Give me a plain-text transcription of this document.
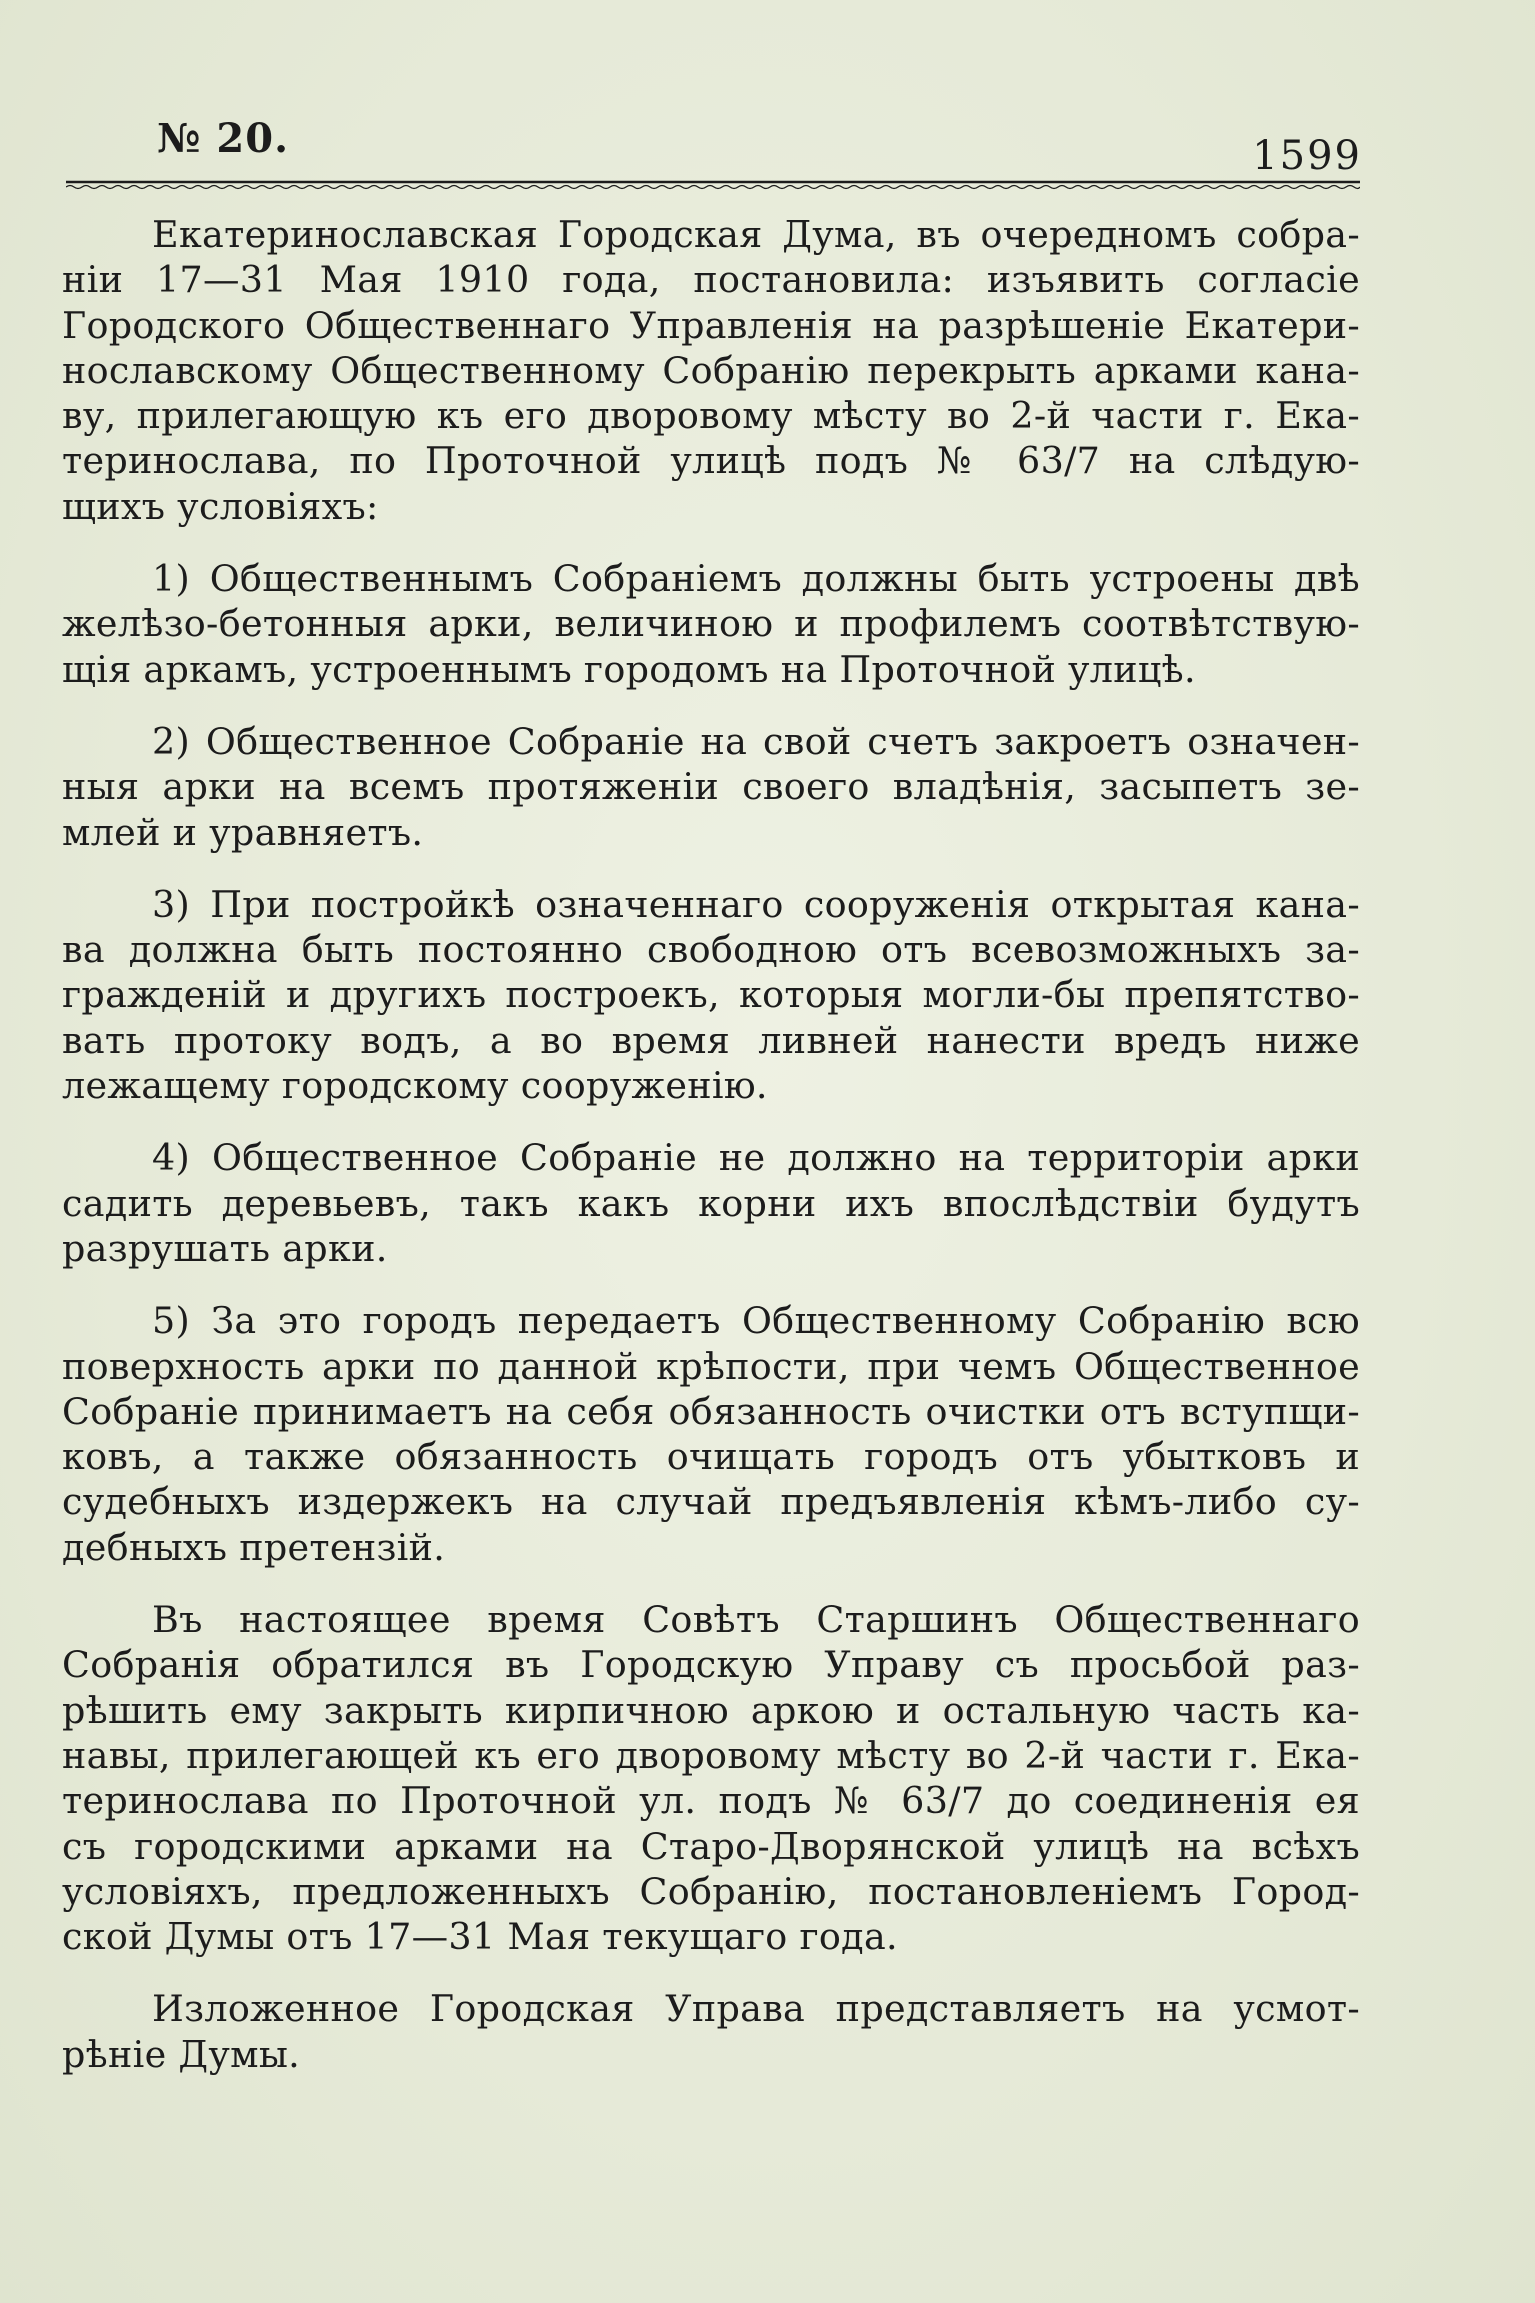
№ 20.	1599
Екатеринославская Городская Дума, въ очередномъ собра-
ніи 17—31 Мая 1910 года, постановила: изъявить согласіе
Городского Общественнаго Управленія на разрѣшеніе Екатери-
нославскому Общественному Собранію перекрыть арками кана-
ву, прилегающую къ его дворовому мѣсту во 2-й части г. Ека-
теринослава, по Проточной улицѣ подъ № 63/7 на слѣдую-
щихъ условіяхъ:
1) Общественнымъ Собраніемъ должны быть устроены двѣ
желѣзо-бетонныя арки, величиною и профилемъ соотвѣтствую-
щія аркамъ, устроеннымъ городомъ на Проточной улицѣ.
2) Общественное Собраніе на свой счетъ закроетъ означен-
ныя арки на всемъ протяженіи своего владѣнія, засыпетъ зе-
млей и уравняетъ.
3) При постройкѣ означеннаго сооруженія открытая кана-
ва должна быть постоянно свободною отъ всевозможныхъ за-
гражденій и другихъ построекъ, которыя могли-бы препятство-
вать протоку водъ, а во время ливней нанести вредъ ниже
лежащему городскому сооруженію.
4) Общественное Собраніе не должно на территоріи арки
садить деревьевъ, такъ какъ корни ихъ впослѣдствіи будутъ
разрушать арки.
5) За это городъ передаетъ Общественному Собранію всю
поверхность арки по данной крѣпости, при чемъ Общественное
Собраніе принимаетъ на себя обязанность очистки отъ вступщи-
ковъ, а также обязанность очищать городъ отъ убытковъ и
судебныхъ издержекъ на случай предъявленія кѣмъ-либо су-
дебныхъ претензій.
Въ настоящее время Совѣтъ Старшинъ Общественнаго
Собранія обратился въ Городскую Управу съ просьбой раз-
рѣшить ему закрыть кирпичною аркою и остальную часть ка-
навы, прилегающей къ его дворовому мѣсту во 2-й части г. Ека-
теринослава по Проточной ул. подъ № 63/7 до соединенія ея
съ городскими арками на Старо-Дворянской улицѣ на всѣхъ
условіяхъ, предложенныхъ Собранію, постановленіемъ Город-
ской Думы отъ 17—31 Мая текущаго года.
Изложенное Городская Управа представляетъ на усмот-
рѣніе Думы.
